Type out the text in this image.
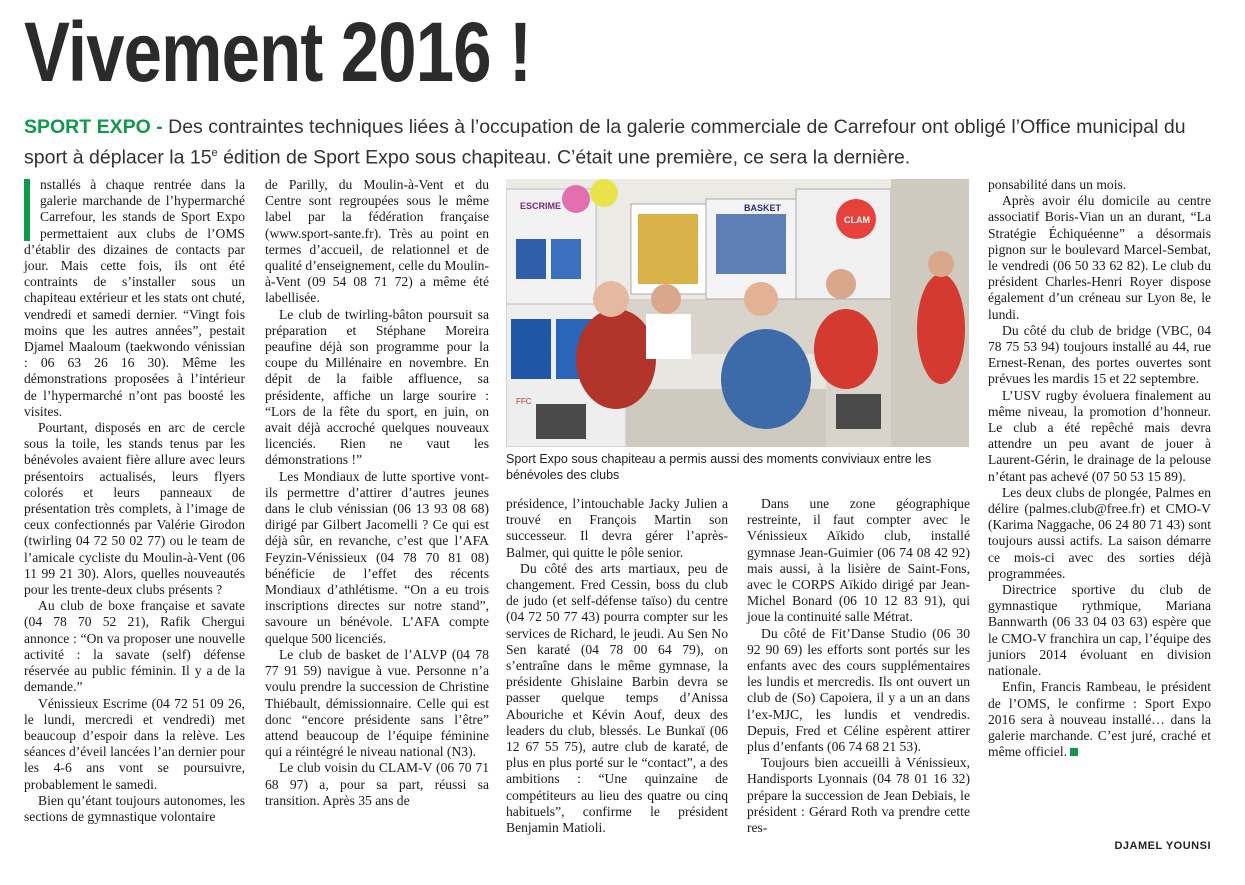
Vivement 2016 !
SPORT EXPO - Des contraintes techniques liées à l’occupation de la galerie commerciale de Carrefour ont obligé l’Office municipal du sport à déplacer la 15e édition de Sport Expo sous chapiteau. C’était une première, ce sera la dernière.

nstallés à chaque rentrée dans la galerie marchande de l’hypermarché Carrefour, les stands de Sport Expo permettaient aux clubs de l’OMS d’établir des dizaines de contacts par jour. Mais cette fois, ils ont été contraints de s’installer sous un chapiteau extérieur et les stats ont chuté, vendredi et samedi dernier. “Vingt fois moins que les autres années”, pestait Djamel Maaloum (taekwondo vénissian : 06 63 26 16 30). Même les démonstrations proposées à l’intérieur de l’hypermarché n’ont pas boosté les visites.

Pourtant, disposés en arc de cercle sous la toile, les stands tenus par les bénévoles avaient fière allure avec leurs présentoirs actualisés, leurs flyers colorés et leurs panneaux de présentation très complets, à l’image de ceux confectionnés par Valérie Girodon (twirling 04 72 50 02 77) ou le team de l’amicale cycliste du Moulin-à-Vent (06 11 99 21 30). Alors, quelles nouveautés pour les trente-deux clubs présents ?

Au club de boxe française et savate (04 78 70 52 21), Rafik Chergui annonce : “On va proposer une nouvelle activité : la savate (self) défense réservée au public féminin. Il y a de la demande.”

Vénissieux Escrime (04 72 51 09 26, le lundi, mercredi et vendredi) met beaucoup d’espoir dans la relève. Les séances d’éveil lancées l’an dernier pour les 4-6 ans vont se poursuivre, probablement le samedi.

Bien qu’étant toujours autonomes, les sections de gymnastique volontaire

de Parilly, du Moulin-à-Vent et du Centre sont regroupées sous le même label par la fédération française (www.sport-sante.fr). Très au point en termes d’accueil, de relationnel et de qualité d’enseignement, celle du Moulin-à-Vent (09 54 08 71 72) a même été labellisée.

Le club de twirling-bâton poursuit sa préparation et Stéphane Moreira peaufine déjà son programme pour la coupe du Millénaire en novembre. En dépit de la faible affluence, sa présidente, affiche un large sourire : “Lors de la fête du sport, en juin, on avait déjà accroché quelques nouveaux licenciés. Rien ne vaut les démonstrations !”

Les Mondiaux de lutte sportive vont-ils permettre d’attirer d’autres jeunes dans le club vénissian (06 13 93 08 68) dirigé par Gilbert Jacomelli ? Ce qui est déjà sûr, en revanche, c’est que l’AFA Feyzin-Vénissieux (04 78 70 81 08) bénéficie de l’effet des récents Mondiaux d’athlétisme. “On a eu trois inscriptions directes sur notre stand”, savoure un bénévole. L’AFA compte quelque 500 licenciés.

Le club de basket de l’ALVP (04 78 77 91 59) navigue à vue. Personne n’a voulu prendre la succession de Christine Thiébault, démissionnaire. Celle qui est donc “encore présidente sans l’être” attend beaucoup de l’équipe féminine qui a réintégré le niveau national (N3).

Le club voisin du CLAM-V (06 70 71 68 97) a, pour sa part, réussi sa transition. Après 35 ans de

ESCRIME	BASKET
CLAM
FFC
Sport Expo sous chapiteau a permis aussi des moments conviviaux entre les bénévoles des clubs

présidence, l’intouchable Jacky Julien a trouvé en François Martin son successeur. Il devra gérer l’après-Balmer, qui quitte le pôle senior.

Du côté des arts martiaux, peu de changement. Fred Cessin, boss du club de judo (et self-défense taïso) du centre (04 72 50 77 43) pourra compter sur les services de Richard, le jeudi. Au Sen No Sen karaté (04 78 00 64 79), on s’entraîne dans le même gymnase, la présidente Ghislaine Barbin devra se passer quelque temps d’Anissa Abouriche et Kévin Aouf, deux des leaders du club, blessés. Le Bunkaï (06 12 67 55 75), autre club de karaté, de plus en plus porté sur le “contact”, a des ambitions : “Une quinzaine de compétiteurs au lieu des quatre ou cinq habituels”, confirme le président Benjamin Matioli.

Dans une zone géographique restreinte, il faut compter avec le Vénissieux Aïkido club, installé gymnase Jean-Guimier (06 74 08 42 92) mais aussi, à la lisière de Saint-Fons, avec le CORPS Aïkido dirigé par Jean-Michel Bonard (06 10 12 83 91), qui joue la continuité salle Métrat.

Du côté de Fit’Danse Studio (06 30 92 90 69) les efforts sont portés sur les enfants avec des cours supplémentaires les lundis et mercredis. Ils ont ouvert un club de (So) Capoiera, il y a un an dans l’ex-MJC, les lundis et vendredis. Depuis, Fred et Céline espèrent attirer plus d’enfants (06 74 68 21 53).

Toujours bien accueilli à Vénissieux, Handisports Lyonnais (04 78 01 16 32) prépare la succession de Jean Debiais, le président : Gérard Roth va prendre cette res-

ponsabilité dans un mois.

Après avoir élu domicile au centre associatif Boris-Vian un an durant, “La Stratégie Échiquéenne” a désormais pignon sur le boulevard Marcel-Sembat, le vendredi (06 50 33 62 82). Le club du président Charles-Henri Royer dispose également d’un créneau sur Lyon 8e, le lundi.

Du côté du club de bridge (VBC, 04 78 75 53 94) toujours installé au 44, rue Ernest-Renan, des portes ouvertes sont prévues les mardis 15 et 22 septembre.

L’USV rugby évoluera finalement au même niveau, la promotion d’honneur. Le club a été repêché mais devra attendre un peu avant de jouer à Laurent-Gérin, le drainage de la pelouse n’étant pas achevé (07 50 53 15 89).

Les deux clubs de plongée, Palmes en délire (palmes.club@free.fr) et CMO-V (Karima Naggache, 06 24 80 71 43) sont toujours aussi actifs. La saison démarre ce mois-ci avec des sorties déjà programmées.

Directrice sportive du club de gymnastique rythmique, Mariana Bannwarth (06 33 04 03 63) espère que le CMO-V franchira un cap, l’équipe des juniors 2014 évoluant en division nationale.

Enfin, Francis Rambeau, le président de l’OMS, le confirme : Sport Expo 2016 sera à nouveau installé… dans la galerie marchande. C’est juré, craché et même officiel.

DJAMEL YOUNSI
